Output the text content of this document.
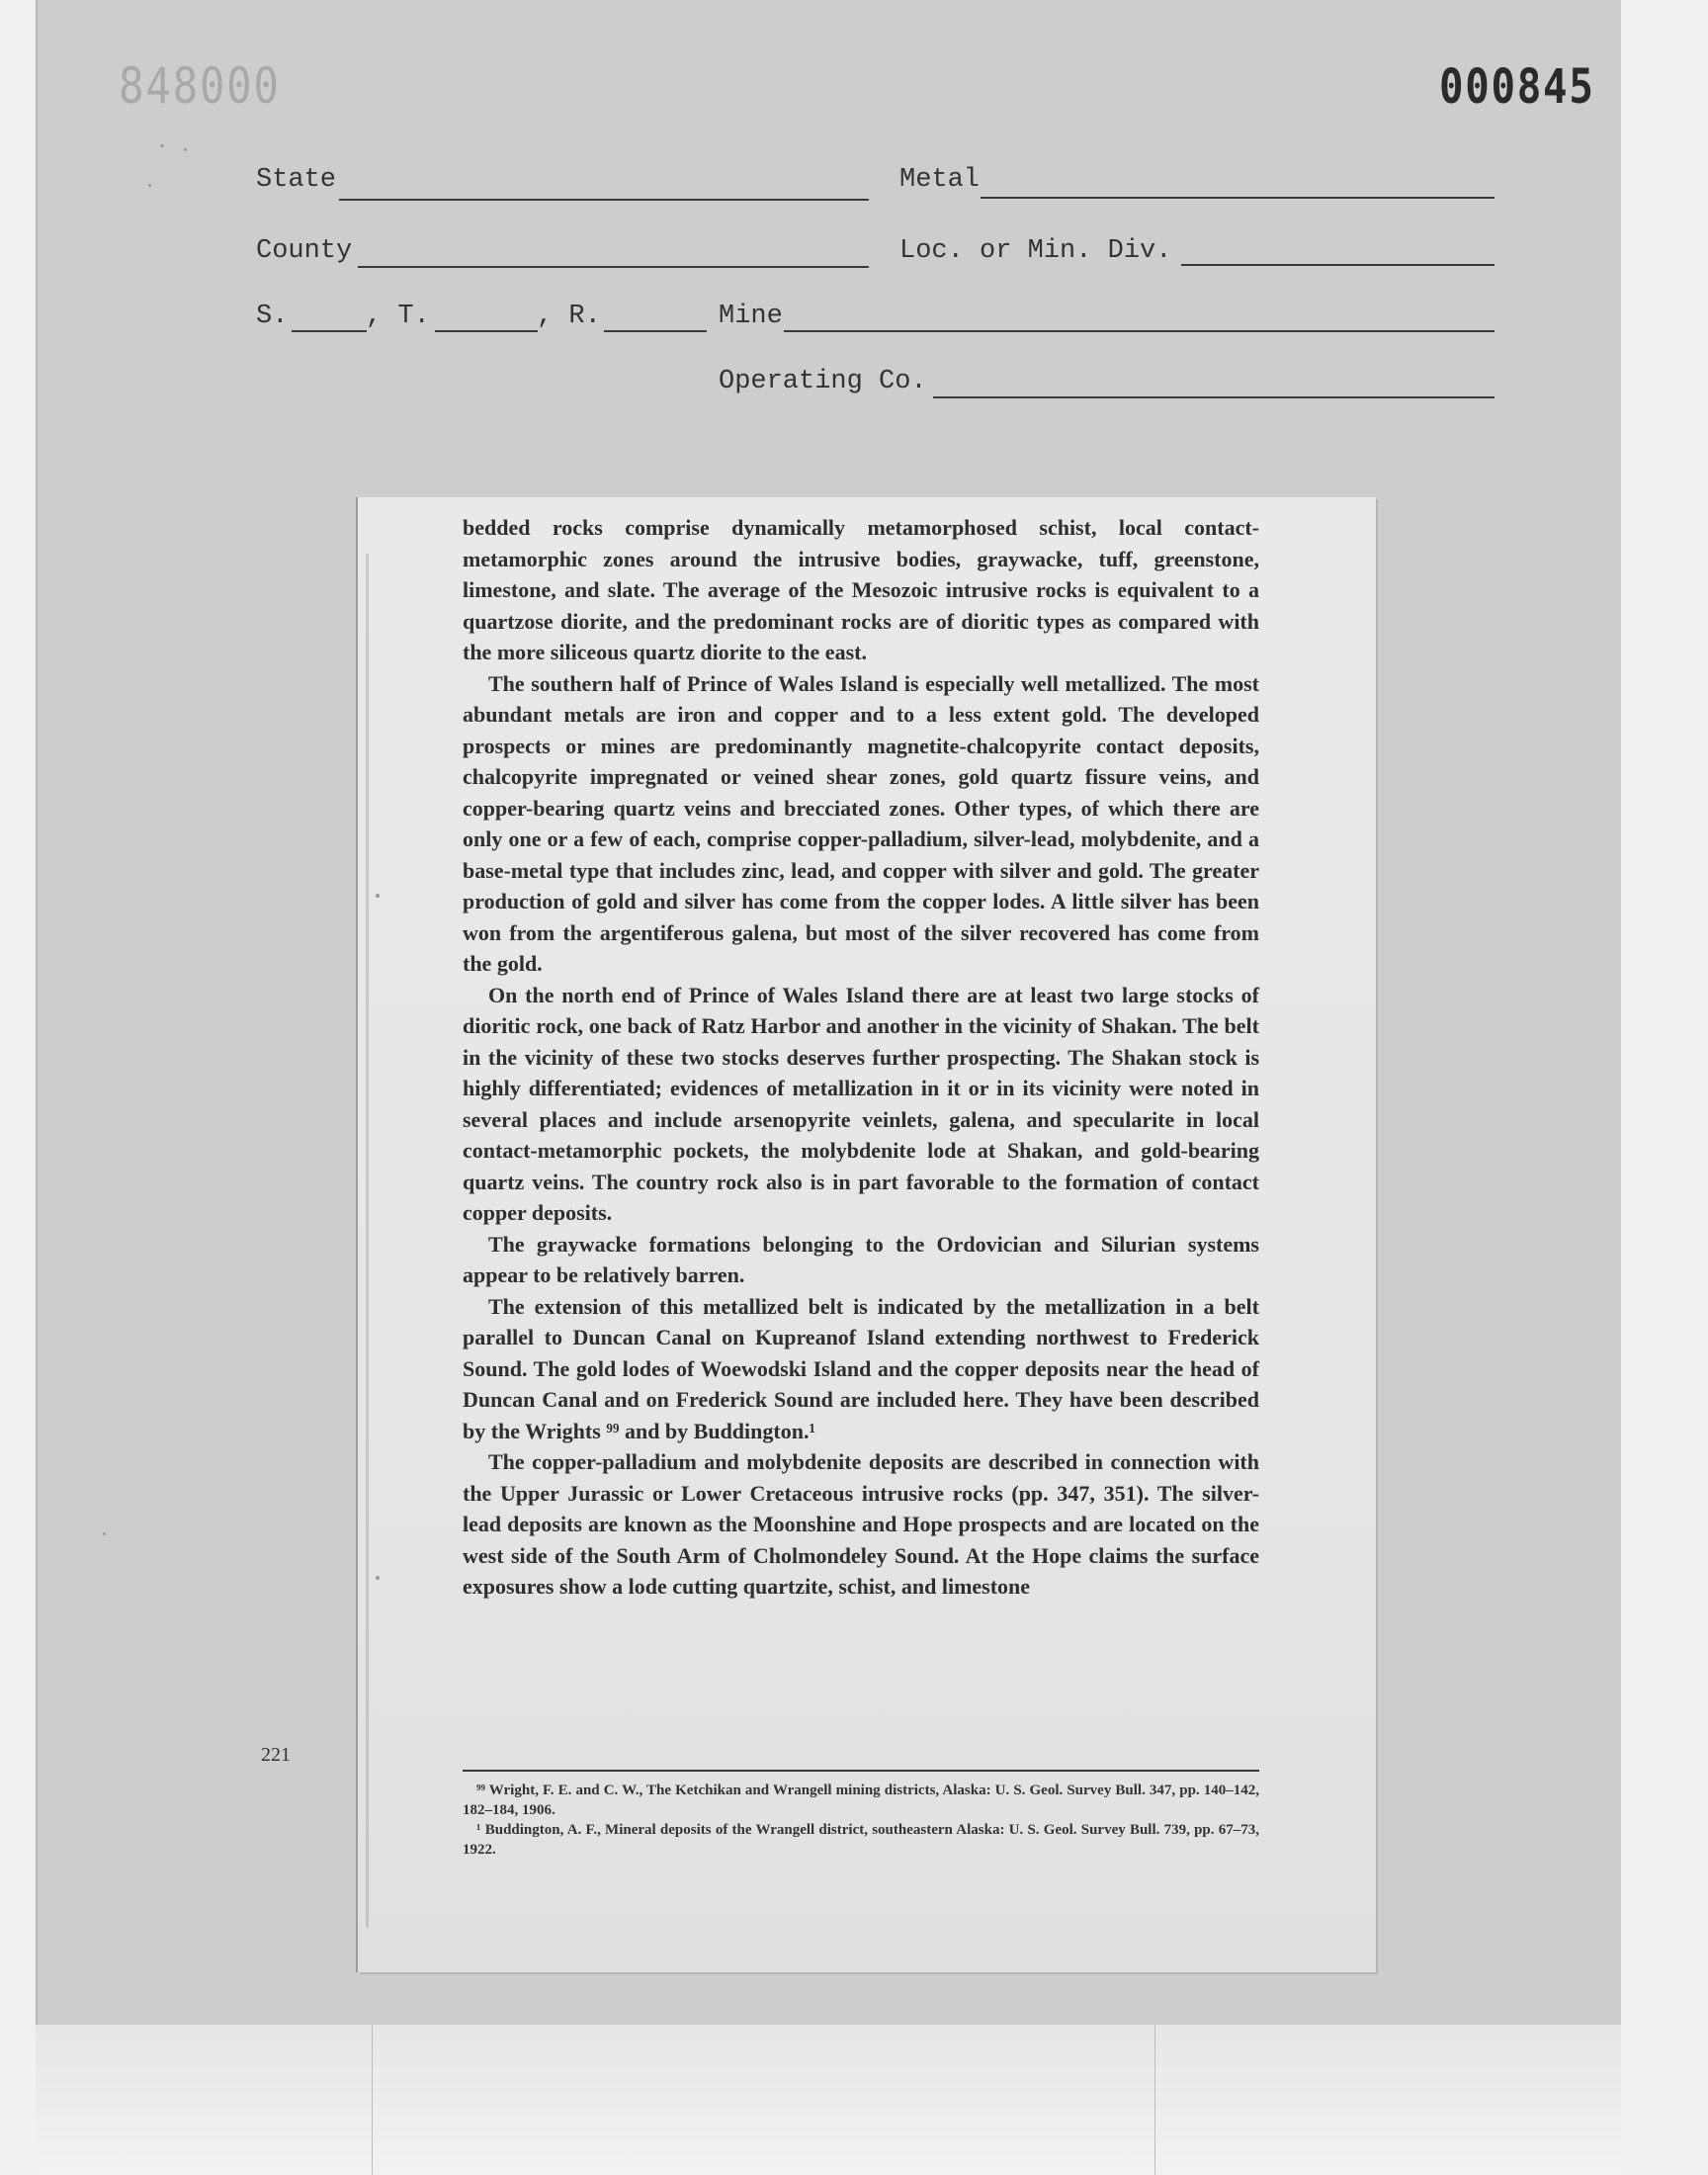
848000	000845
State	Metal
County	Loc. or Min. Div.
S.	, T.	, R.	Mine
Operating Co.

bedded rocks comprise dynamically metamorphosed schist, local contact-metamorphic zones around the intrusive bodies, graywacke, tuff, greenstone, limestone, and slate. The average of the Mesozoic intrusive rocks is equivalent to a quartzose diorite, and the predominant rocks are of dioritic types as compared with the more siliceous quartz diorite to the east.

The southern half of Prince of Wales Island is especially well metallized. The most abundant metals are iron and copper and to a less extent gold. The developed prospects or mines are predominantly magnetite-chalcopyrite contact deposits, chalcopyrite impregnated or veined shear zones, gold quartz fissure veins, and copper-bearing quartz veins and brecciated zones. Other types, of which there are only one or a few of each, comprise copper-palladium, silver-lead, molybdenite, and a base-metal type that includes zinc, lead, and copper with silver and gold. The greater production of gold and silver has come from the copper lodes. A little silver has been won from the argentiferous galena, but most of the silver recovered has come from the gold.

On the north end of Prince of Wales Island there are at least two large stocks of dioritic rock, one back of Ratz Harbor and another in the vicinity of Shakan. The belt in the vicinity of these two stocks deserves further prospecting. The Shakan stock is highly differentiated; evidences of metallization in it or in its vicinity were noted in several places and include arsenopyrite veinlets, galena, and specularite in local contact-metamorphic pockets, the molybdenite lode at Shakan, and gold-bearing quartz veins. The country rock also is in part favorable to the formation of contact copper deposits.

The graywacke formations belonging to the Ordovician and Silurian systems appear to be relatively barren.

The extension of this metallized belt is indicated by the metallization in a belt parallel to Duncan Canal on Kupreanof Island extending northwest to Frederick Sound. The gold lodes of Woewodski Island and the copper deposits near the head of Duncan Canal and on Frederick Sound are included here. They have been described by the Wrights ⁹⁹ and by Buddington.¹

The copper-palladium and molybdenite deposits are described in connection with the Upper Jurassic or Lower Cretaceous intrusive rocks (pp. 347, 351). The silver-lead deposits are known as the Moonshine and Hope prospects and are located on the west side of the South Arm of Cholmondeley Sound. At the Hope claims the surface exposures show a lode cutting quartzite, schist, and limestone

⁹⁹ Wright, F. E. and C. W., The Ketchikan and Wrangell mining districts, Alaska: U. S. Geol. Survey Bull. 347, pp. 140–142, 182–184, 1906.

¹ Buddington, A. F., Mineral deposits of the Wrangell district, southeastern Alaska: U. S. Geol. Survey Bull. 739, pp. 67–73, 1922.

221
